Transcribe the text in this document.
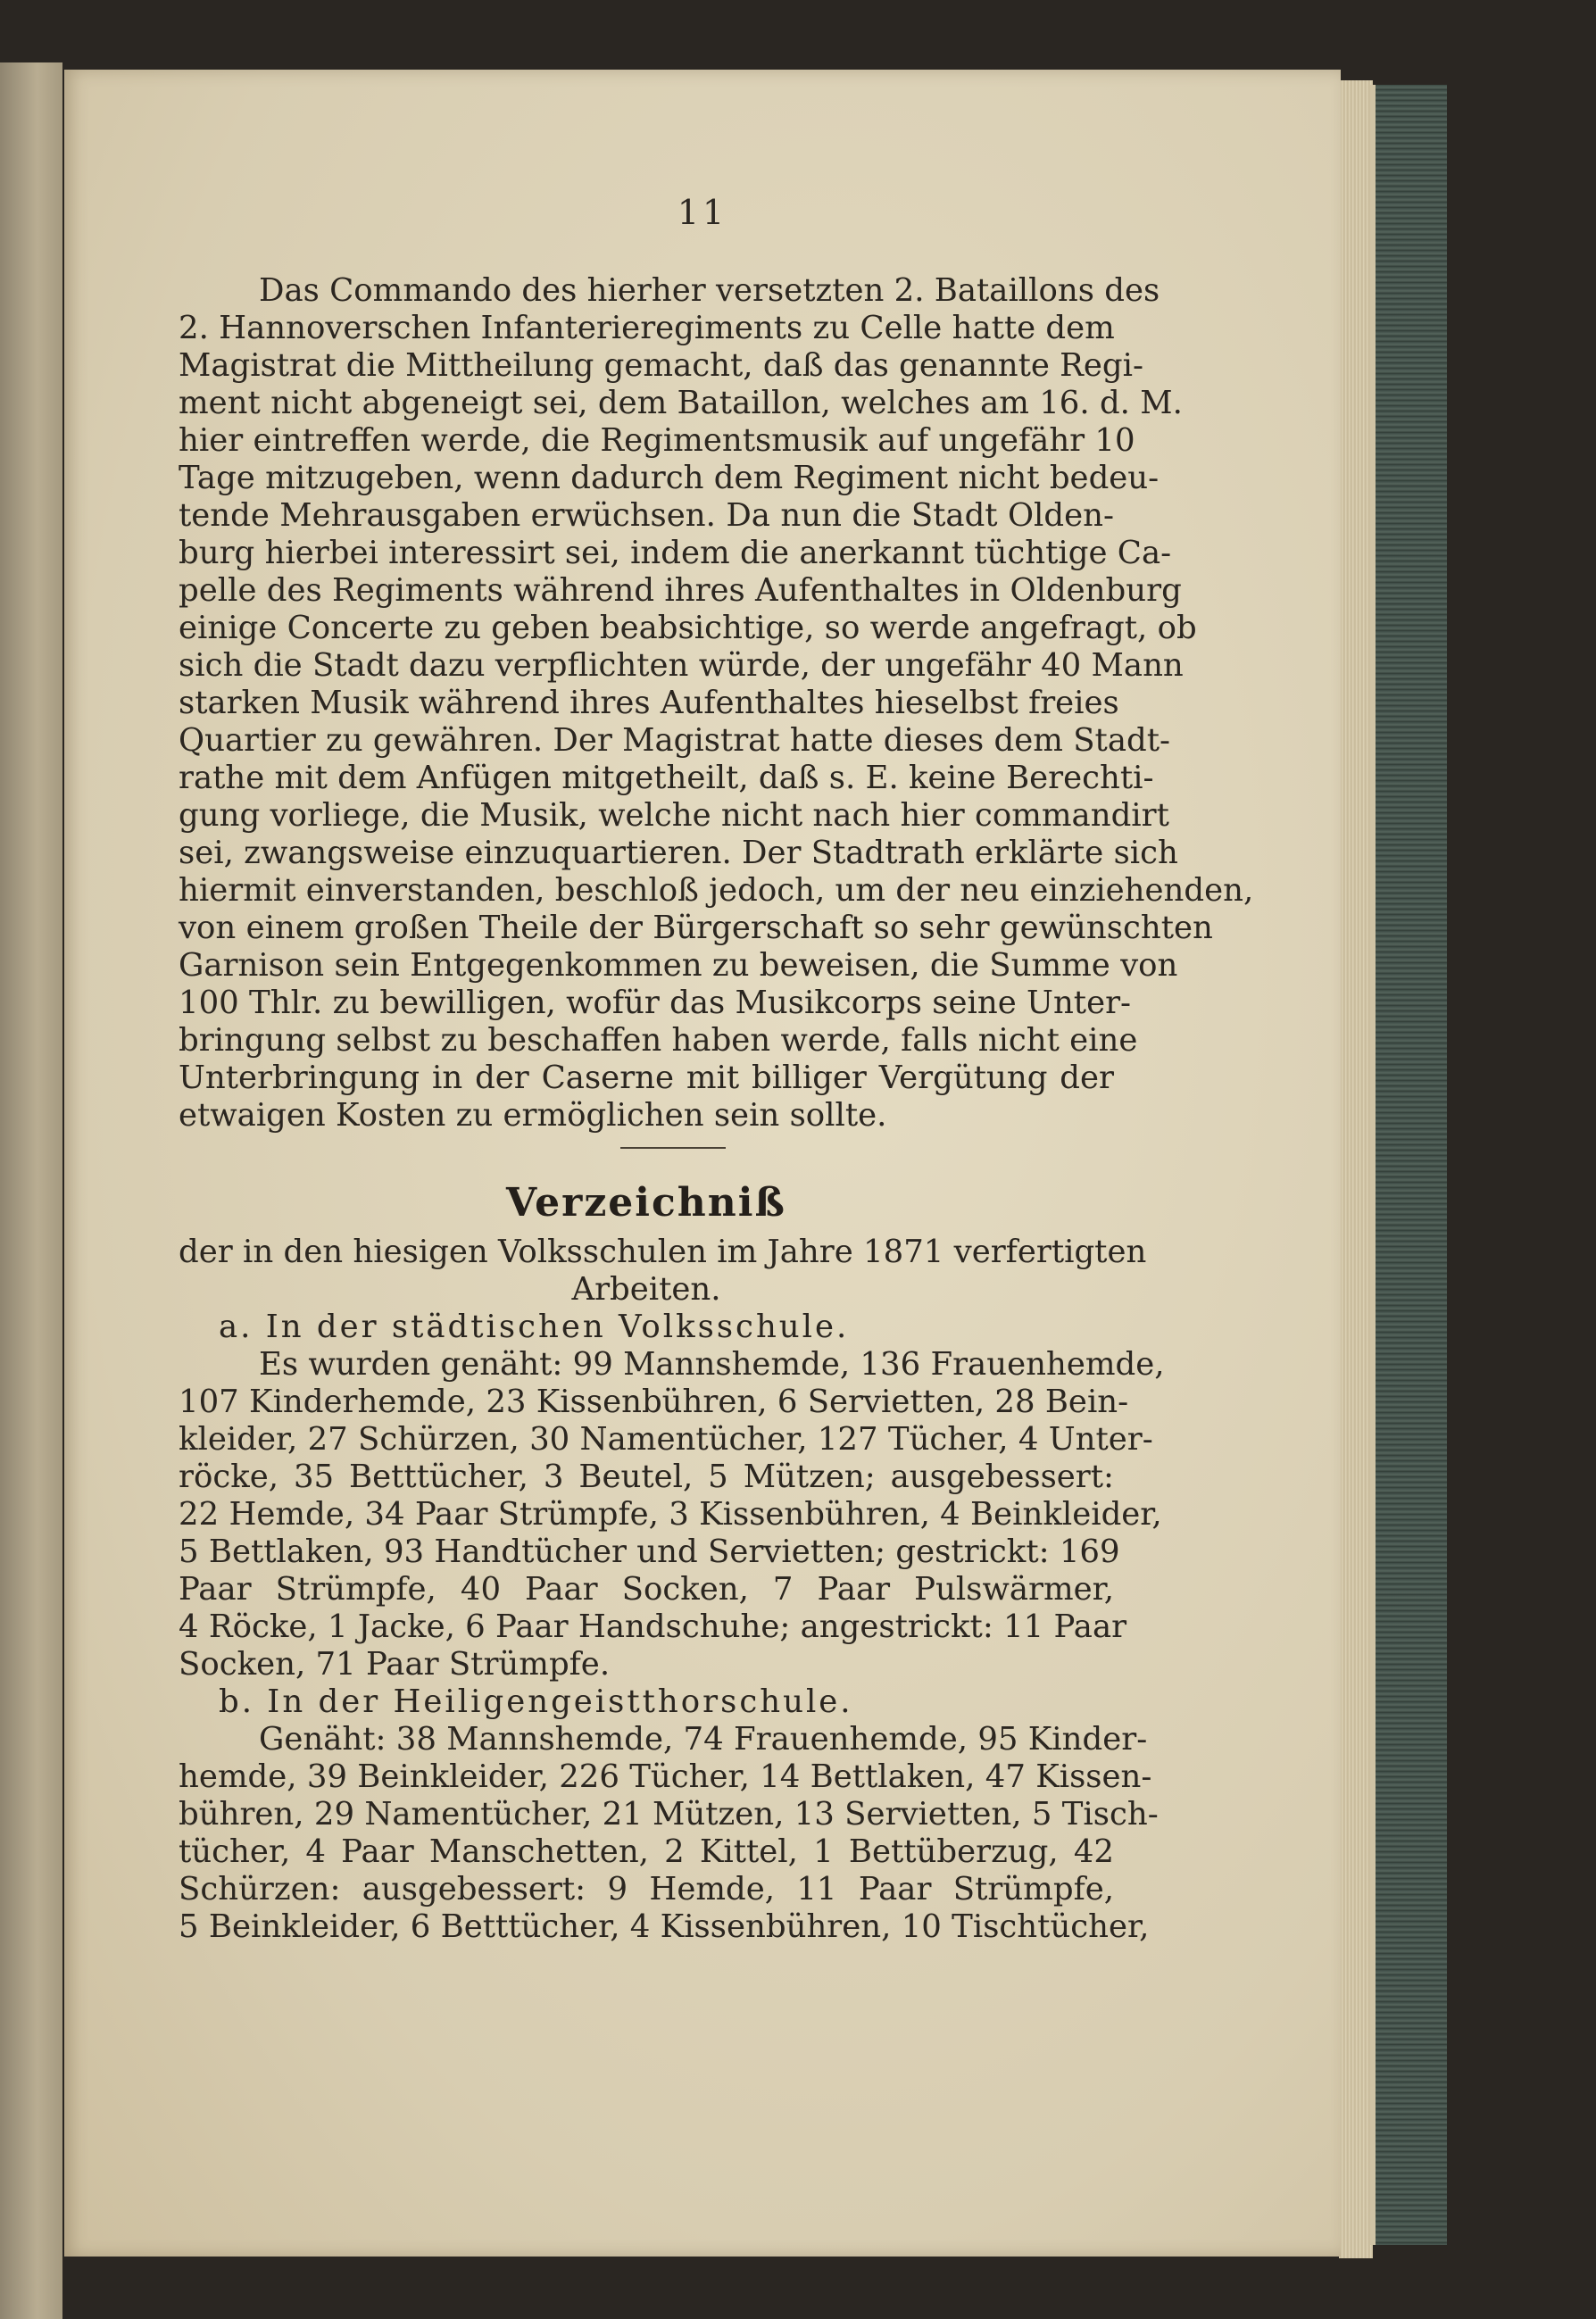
11
Das Commando des hierher versetzten 2. Bataillons des
2. Hannoverschen Infanterieregiments zu Celle hatte dem
Magistrat die Mittheilung gemacht, daß das genannte Regi-
ment nicht abgeneigt sei, dem Bataillon, welches am 16. d. M.
hier eintreffen werde, die Regimentsmusik auf ungefähr 10
Tage mitzugeben, wenn dadurch dem Regiment nicht bedeu-
tende Mehrausgaben erwüchsen. Da nun die Stadt Olden-
burg hierbei interessirt sei, indem die anerkannt tüchtige Ca-
pelle des Regiments während ihres Aufenthaltes in Oldenburg
einige Concerte zu geben beabsichtige, so werde angefragt, ob
sich die Stadt dazu verpflichten würde, der ungefähr 40 Mann
starken Musik während ihres Aufenthaltes hieselbst freies
Quartier zu gewähren. Der Magistrat hatte dieses dem Stadt-
rathe mit dem Anfügen mitgetheilt, daß s. E. keine Berechti-
gung vorliege, die Musik, welche nicht nach hier commandirt
sei, zwangsweise einzuquartieren. Der Stadtrath erklärte sich
hiermit einverstanden, beschloß jedoch, um der neu einziehenden,
von einem großen Theile der Bürgerschaft so sehr gewünschten
Garnison sein Entgegenkommen zu beweisen, die Summe von
100 Thlr. zu bewilligen, wofür das Musikcorps seine Unter-
bringung selbst zu beschaffen haben werde, falls nicht eine
Unterbringung in der Caserne mit billiger Vergütung der
etwaigen Kosten zu ermöglichen sein sollte.
Verzeichniß
der in den hiesigen Volksschulen im Jahre 1871 verfertigten
Arbeiten.
a. In der städtischen Volksschule.
Es wurden genäht: 99 Mannshemde, 136 Frauenhemde,
107 Kinderhemde, 23 Kissenbühren, 6 Servietten, 28 Bein-
kleider, 27 Schürzen, 30 Namentücher, 127 Tücher, 4 Unter-
röcke, 35 Betttücher, 3 Beutel, 5 Mützen; ausgebessert:
22 Hemde, 34 Paar Strümpfe, 3 Kissenbühren, 4 Beinkleider,
5 Bettlaken, 93 Handtücher und Servietten; gestrickt: 169
Paar Strümpfe, 40 Paar Socken, 7 Paar Pulswärmer,
4 Röcke, 1 Jacke, 6 Paar Handschuhe; angestrickt: 11 Paar
Socken, 71 Paar Strümpfe.
b. In der Heiligengeistthorschule.
Genäht: 38 Mannshemde, 74 Frauenhemde, 95 Kinder-
hemde, 39 Beinkleider, 226 Tücher, 14 Bettlaken, 47 Kissen-
bühren, 29 Namentücher, 21 Mützen, 13 Servietten, 5 Tisch-
tücher, 4 Paar Manschetten, 2 Kittel, 1 Bettüberzug, 42
Schürzen: ausgebessert: 9 Hemde, 11 Paar Strümpfe,
5 Beinkleider, 6 Betttücher, 4 Kissenbühren, 10 Tischtücher,
